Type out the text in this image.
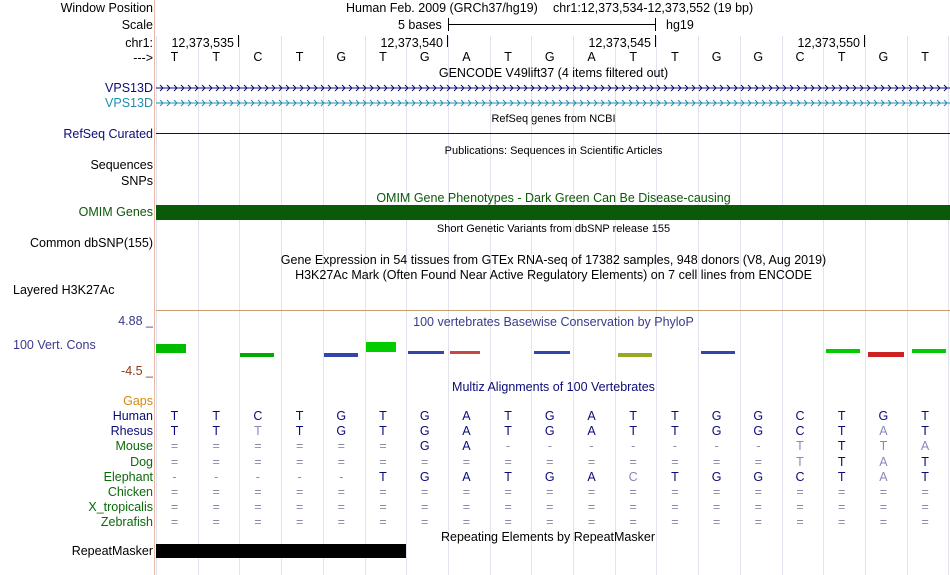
Window Position	Human Feb. 2009 (GRCh37/hg19) chr1:12,373,534-12,373,552 (19 bp)
Scale	5 bases	hg19
chr1: 12,373,535	12,373,540	12,373,545	12,373,550
--->	T	T	C	T	G	T	G	A	T	G	A	T	T	G	G	C	T	G	T
GENCODE V49lift37 (4 items filtered out)
VPS13D
VPS13D
RefSeq genes from NCBI
RefSeq Curated
Publications: Sequences in Scientific Articles
Sequences
SNPs
OMIM Gene Phenotypes - Dark Green Can Be Disease-causing
OMIM Genes
Short Genetic Variants from dbSNP release 155
Common dbSNP(155)
Gene Expression in 54 tissues from GTEx RNA-seq of 17382 samples, 948 donors (V8, Aug 2019)
H3K27Ac Mark (Often Found Near Active Regulatory Elements) on 7 cell lines from ENCODE
Layered H3K27Ac
4.88 _	100 vertebrates Basewise Conservation by PhyloP
100 Vert. Cons
-4.5 _
Multiz Alignments of 100 Vertebrates
Gaps
Human	T	T	C	T	G	T	G	A	T	G	A	T	T	G	G	C	T	G	T
Rhesus	T	T	T	T	G	T	G	A	T	G	A	T	T	G	G	C	T	A	T
Mouse	=	=	=	=	=	=	G	A	-	-	-	-	-	-	-	T	T	T	A
Dog	=	=	=	=	=	=	=	=	=	=	=	=	=	=	=	T	T	A	T
Elephant	-	-	-	-	-	T	G	A	T	G	A	C	T	G	G	C	T	A	T
Chicken	=	=	=	=	=	=	=	=	=	=	=	=	=	=	=	=	=	=	=
X_tropicalis	=	=	=	=	=	=	=	=	=	=	=	=	=	=	=	=	=	=	=
Zebrafish	=	=	=	=	=	=	=	=	=	=	=	=	=	=	=	=	=	=	=
RepeatMasker
Repeating Elements by RepeatMasker
